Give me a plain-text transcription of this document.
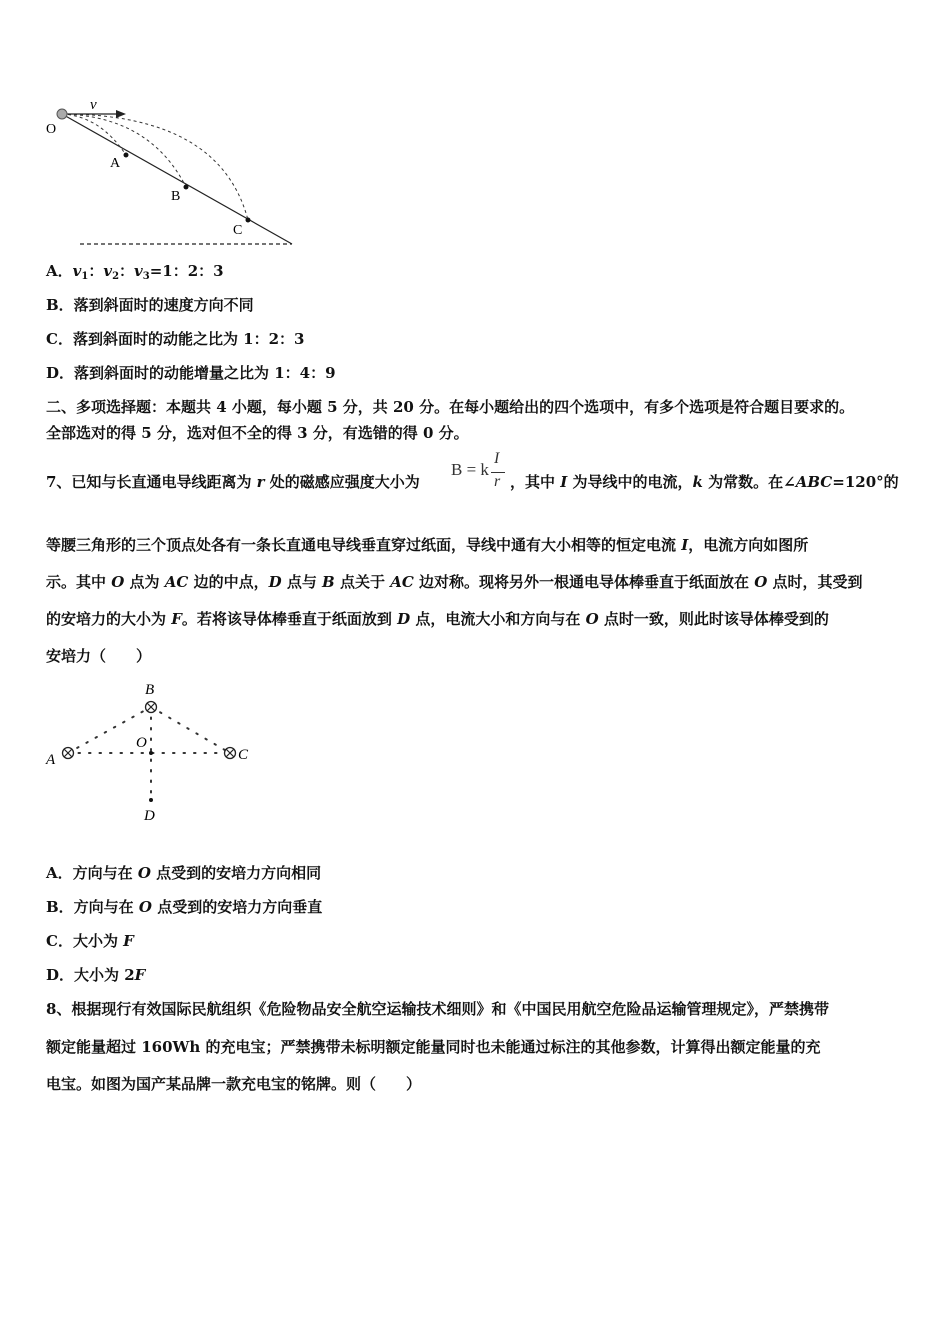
v
O
A
B
C
A．$v_1$：$v_2$：$v_3=1$：2：3
B．落到斜面时的速度方向不同
C．落到斜面时的动能之比为 1：2：3
D．落到斜面时的动能增量之比为 1：4：9
二、多项选择题：本题共 4 小题，每小题 5 分，共 20 分。在每小题给出的四个选项中，有多个选项是符合题目要求的。
全部选对的得 5 分，选对但不全的得 3 分，有选错的得 0 分。
7、已知与长直通电导线距离为 r 处的磁感应强度大小为
B = k
I
r ，其中 I 为导线中的电流，k 为常数。在∠ABC=120°的
等腰三角形的三个顶点处各有一条长直通电导线垂直穿过纸面，导线中通有大小相等的恒定电流 I，电流方向如图所
示。其中 O 点为 AC 边的中点，D 点与 B 点关于 AC 边对称。现将另外一根通电导体棒垂直于纸面放在 O 点时，其受到
的安培力的大小为 F。若将该导体棒垂直于纸面放到 D 点，电流大小和方向与在 O 点时一致，则此时该导体棒受到的
安培力（　　）
A
B
C
O
D
A．方向与在 O 点受到的安培力方向相同
B．方向与在 O 点受到的安培力方向垂直
C．大小为 F
D．大小为 2F
8、根据现行有效国际民航组织《危险物品安全航空运输技术细则》和《中国民用航空危险品运输管理规定》，严禁携带
额定能量超过 160Wh 的充电宝；严禁携带未标明额定能量同时也未能通过标注的其他参数，计算得出额定能量的充
电宝。如图为国产某品牌一款充电宝的铭牌。则（　　）
